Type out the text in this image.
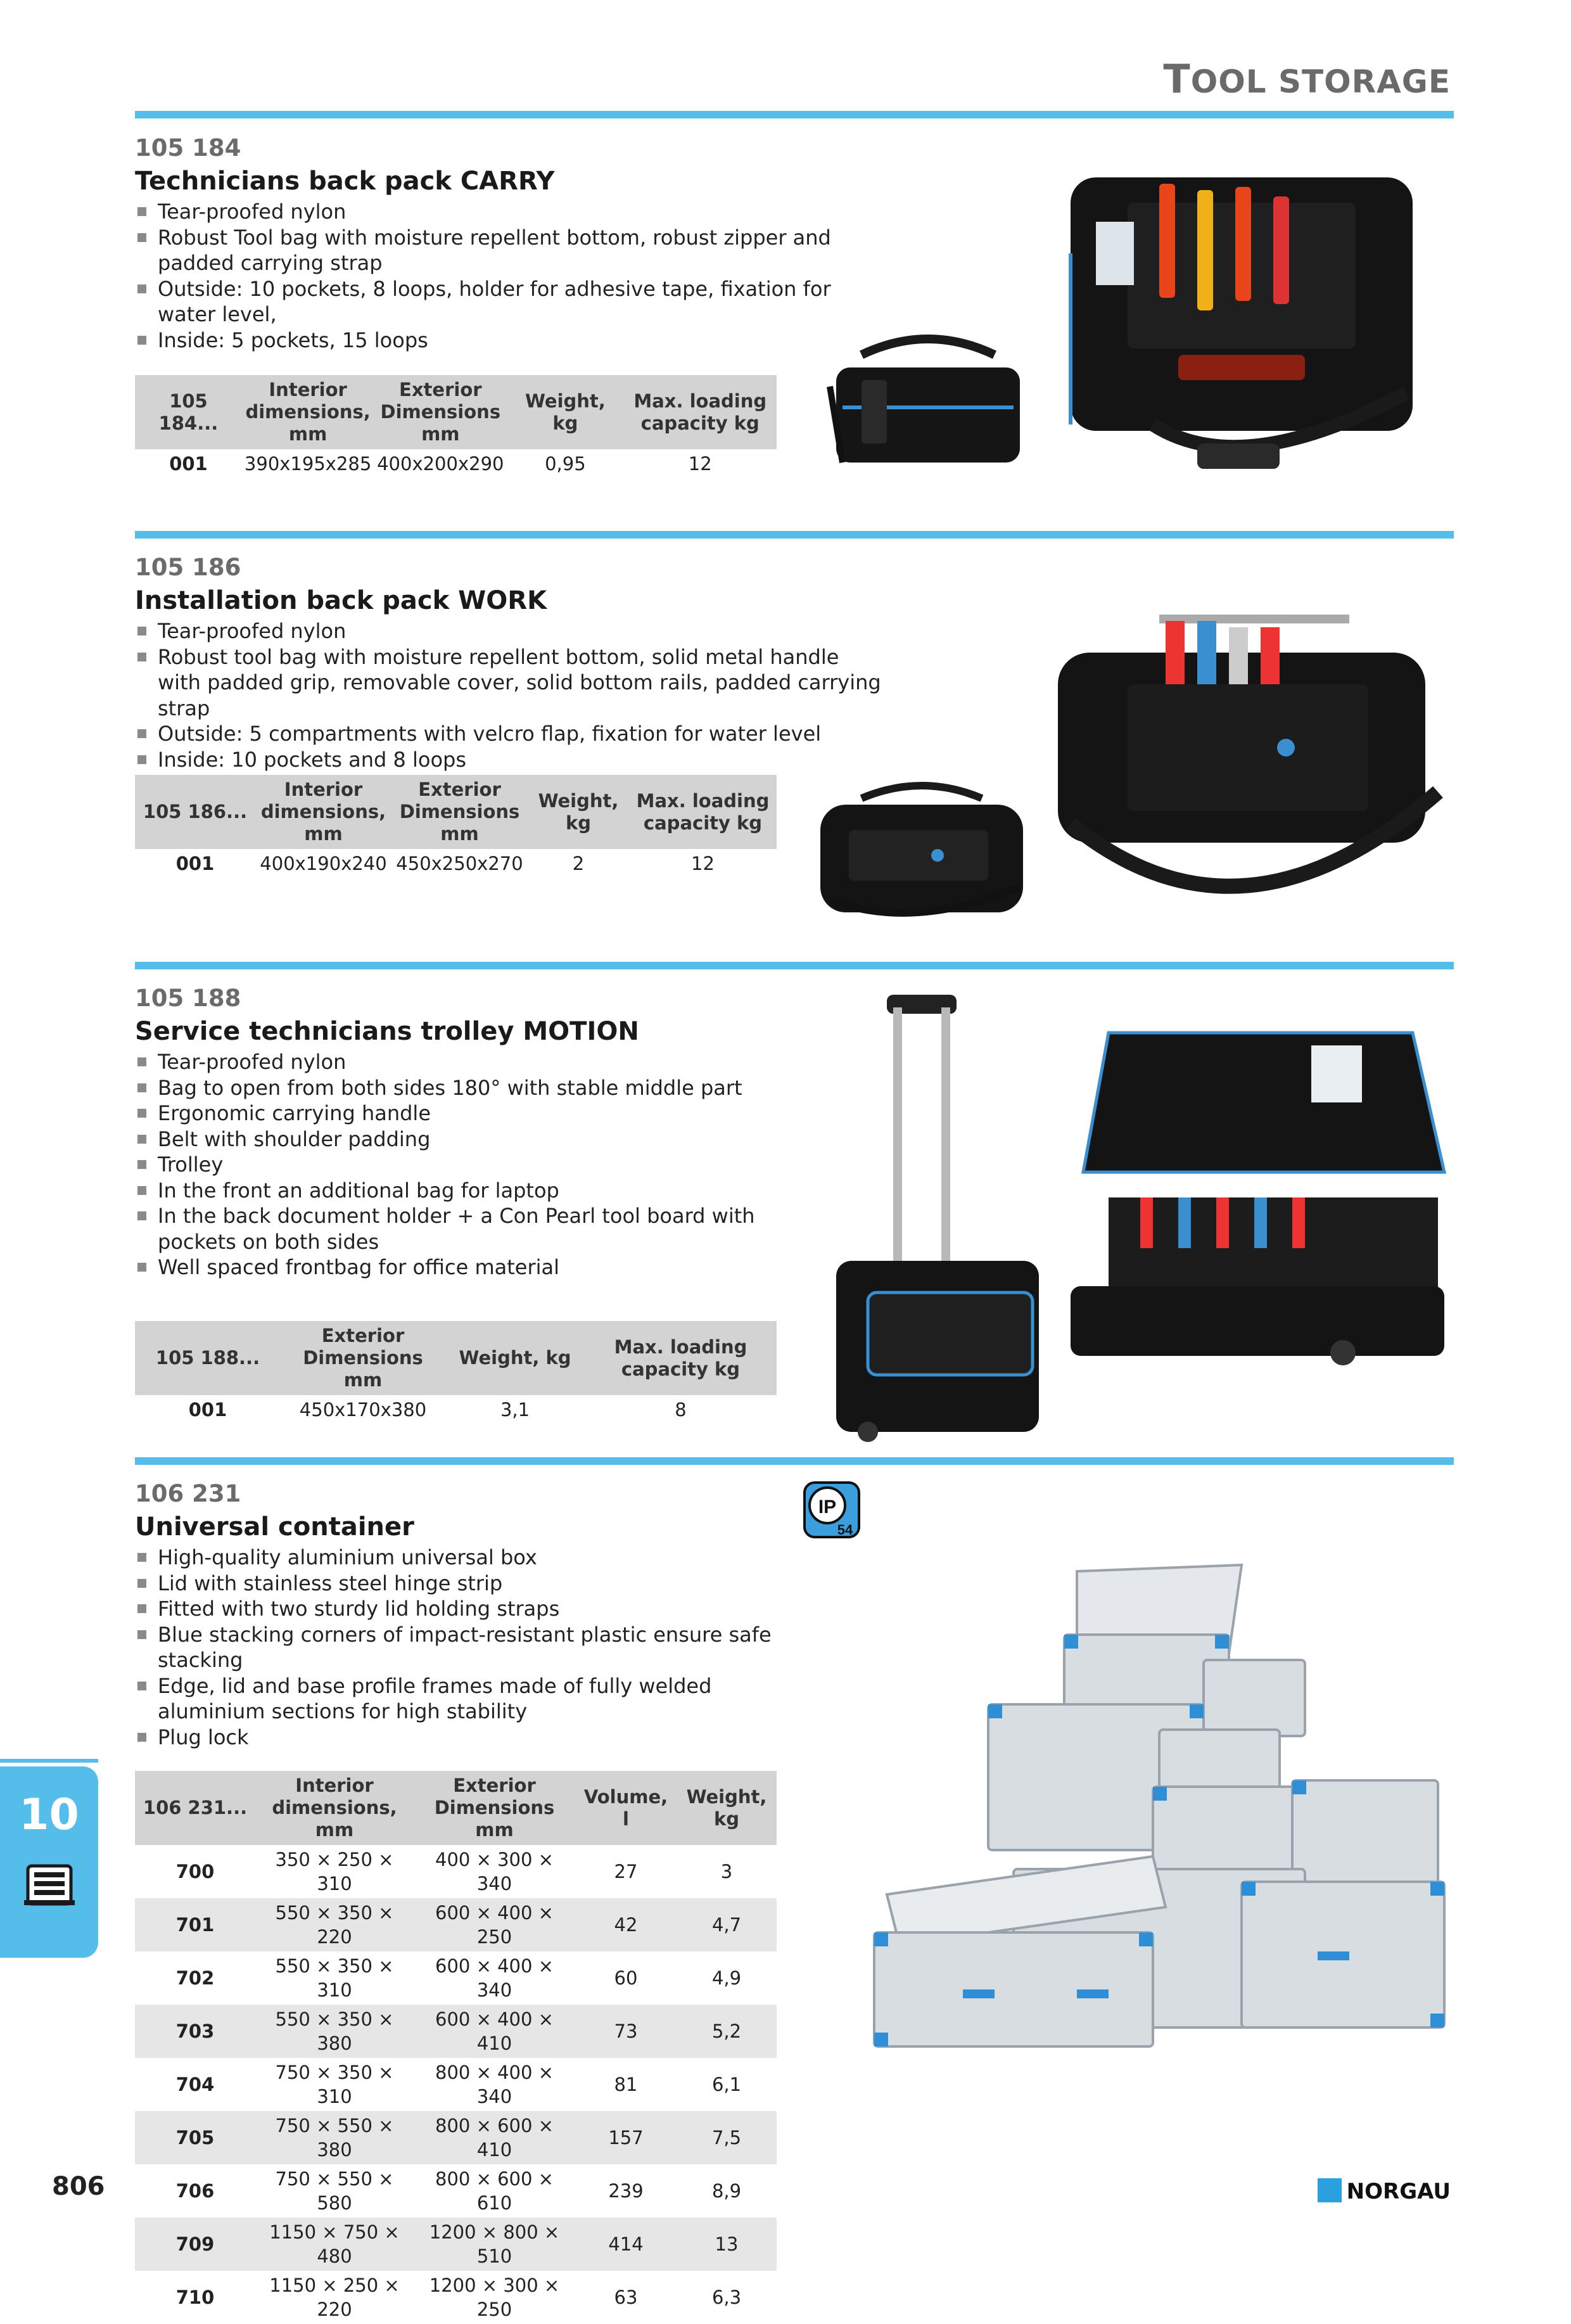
TOOL STORAGE
105 184
Technicians back pack CARRY
Tear-proofed nylon
Robust Tool bag with moisture repellent bottom, robust zipper and padded carrying strap
Outside: 10 pockets, 8 loops, holder for adhesive tape, fixation for water level,
Inside: 5 pockets, 15 loops
105 184...	Interior dimensions, mm	Exterior Dimensions mm	Weight, kg	Max. loading capacity kg
001	390x195x285	400x200x290	0,95	12
105 186
Installation back pack WORK
Tear-proofed nylon
Robust tool bag with moisture repellent bottom, solid metal handle with padded grip, removable cover, solid bottom rails, padded carrying strap
Outside: 5 compartments with velcro flap, fixation for water level
Inside: 10 pockets and 8 loops
105 186...	Interior dimensions, mm	Exterior Dimensions mm	Weight, kg	Max. loading capacity kg
001	400x190x240	450x250x270	2	12
105 188
Service technicians trolley MOTION
Tear-proofed nylon
Bag to open from both sides 180° with stable middle part
Ergonomic carrying handle
Belt with shoulder padding
Trolley
In the front an additional bag for laptop
In the back document holder + a Con Pearl tool board with pockets on both sides
Well spaced frontbag for office material
105 188...	Exterior Dimensions mm	Weight, kg	Max. loading capacity kg
001	450x170x380	3,1	8
106 231
Universal container
High-quality aluminium universal box
Lid with stainless steel hinge strip
Fitted with two sturdy lid holding straps
Blue stacking corners of impact-resistant plastic ensure safe stacking
Edge, lid and base profile frames made of fully welded aluminium sections for high stability
Plug lock
IP
54
106 231...	Interior dimensions, mm	Exterior Dimensions mm	Volume, l	Weight, kg
700	350 × 250 × 310	400 × 300 × 340	27	3
701	550 × 350 × 220	600 × 400 × 250	42	4,7
702	550 × 350 × 310	600 × 400 × 340	60	4,9
703	550 × 350 × 380	600 × 400 × 410	73	5,2
704	750 × 350 × 310	800 × 400 × 340	81	6,1
705	750 × 550 × 380	800 × 600 × 410	157	7,5
706	750 × 550 × 580	800 × 600 × 610	239	8,9
709	1150 × 750 × 480	1200 × 800 × 510	414	13
710	1150 × 250 × 220	1200 × 300 × 250	63	6,3
10
806	NORGAU
